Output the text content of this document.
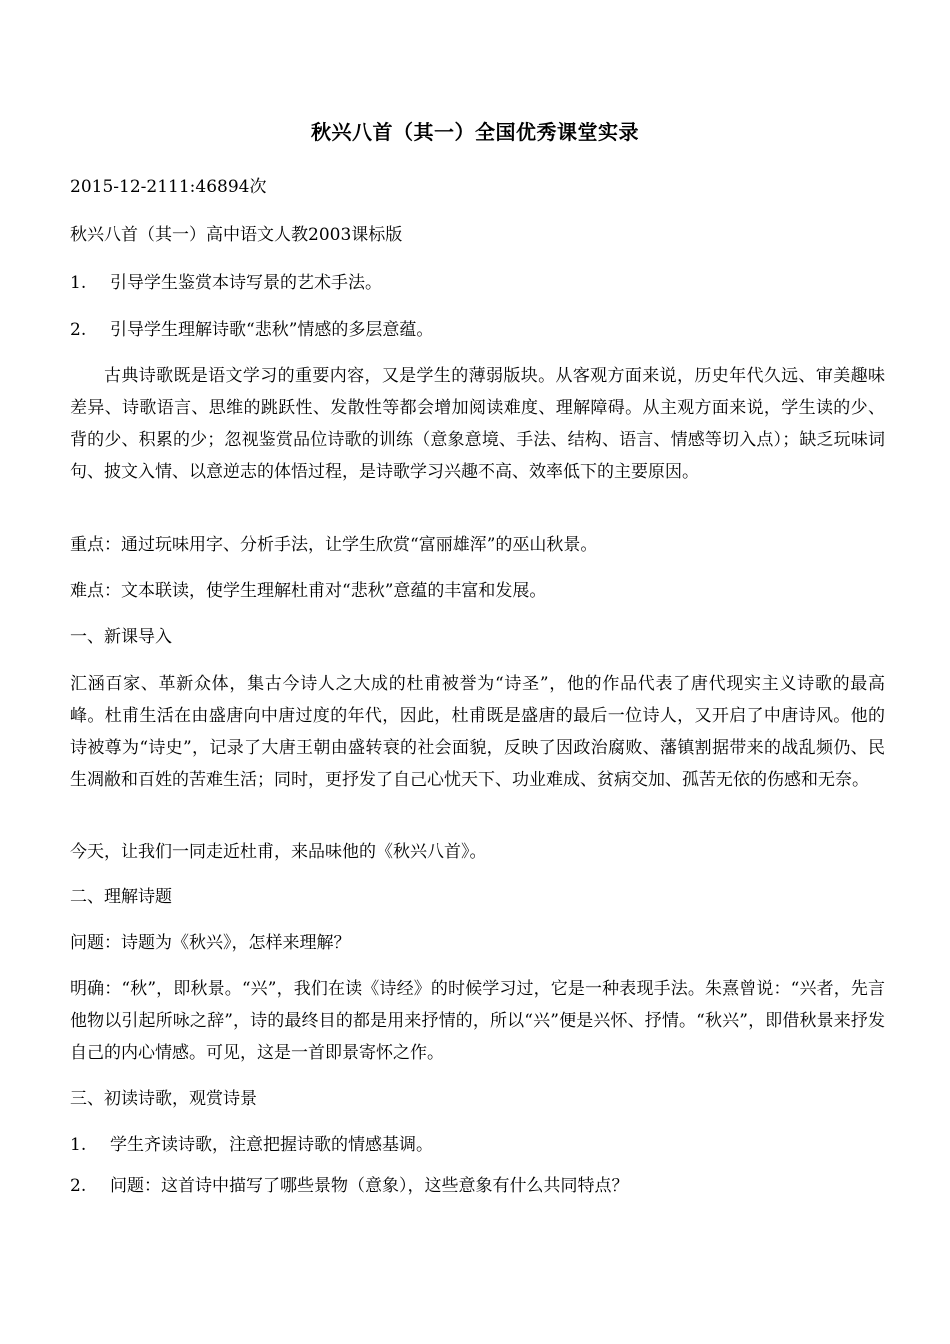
秋兴八首（其一）全国优秀课堂实录
2015-12-2111:46894次
秋兴八首（其一）高中语文人教2003课标版
1. 引导学生鉴赏本诗写景的艺术手法。
2. 引导学生理解诗歌“悲秋”情感的多层意蕴。
古典诗歌既是语文学习的重要内容，又是学生的薄弱版块。从客观方面来说，历史年代久远、审美趣味差异、诗歌语言、思维的跳跃性、发散性等都会增加阅读难度、理解障碍。从主观方面来说，学生读的少、背的少、积累的少；忽视鉴赏品位诗歌的训练（意象意境、手法、结构、语言、情感等切入点）；缺乏玩味词句、披文入情、以意逆志的体悟过程，是诗歌学习兴趣不高、效率低下的主要原因。
重点：通过玩味用字、分析手法，让学生欣赏“富丽雄浑”的巫山秋景。
难点：文本联读，使学生理解杜甫对“悲秋”意蕴的丰富和发展。
一、新课导入
汇涵百家、革新众体，集古今诗人之大成的杜甫被誉为“诗圣”，他的作品代表了唐代现实主义诗歌的最高峰。杜甫生活在由盛唐向中唐过度的年代，因此，杜甫既是盛唐的最后一位诗人，又开启了中唐诗风。他的诗被尊为“诗史”，记录了大唐王朝由盛转衰的社会面貌，反映了因政治腐败、藩镇割据带来的战乱频仍、民生凋敝和百姓的苦难生活；同时，更抒发了自己心忧天下、功业难成、贫病交加、孤苦无依的伤感和无奈。
今天，让我们一同走近杜甫，来品味他的《秋兴八首》。
二、理解诗题
问题：诗题为《秋兴》，怎样来理解？
明确：“秋”，即秋景。“兴”，我们在读《诗经》的时候学习过，它是一种表现手法。朱熹曾说：“兴者，先言他物以引起所咏之辞”，诗的最终目的都是用来抒情的，所以“兴”便是兴怀、抒情。“秋兴”，即借秋景来抒发自己的内心情感。可见，这是一首即景寄怀之作。
三、初读诗歌，观赏诗景
1. 学生齐读诗歌，注意把握诗歌的情感基调。
2. 问题：这首诗中描写了哪些景物（意象），这些意象有什么共同特点？
